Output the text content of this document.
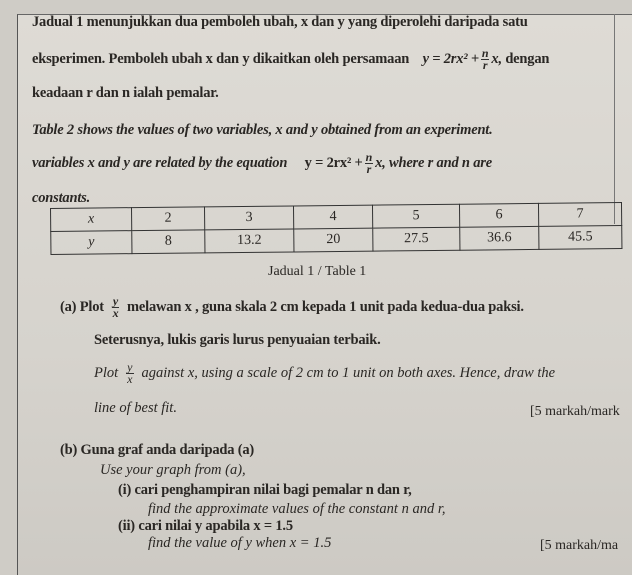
Jadual 1 menunjukkan dua pemboleh ubah, x dan y yang diperolehi daripada satu
eksperimen. Pemboleh ubah x dan y dikaitkan oleh persamaan $y = 2rx^2 + \frac{n}{r} x$, dengan
keadaan r dan n ialah pemalar.
Table 2 shows the values of two variables, x and y obtained from an experiment.
variables x and y are related by the equation $y = 2rx^2 + \frac{n}{r} x$, where r and n are
constants.
x	2	3	4	5	6	7
y	8	13.2	20	27.5	36.6	45.5
Jadual 1 / Table 1
(a) Plot $\frac{y}{x}$ melawan x , guna skala 2 cm kepada 1 unit pada kedua-dua paksi.
Seterusnya, lukis garis lurus penyuaian terbaik.
Plot $\frac{y}{x}$ against x, using a scale of 2 cm to 1 unit on both axes. Hence, draw the
line of best fit.	[5 markah/mark
(b) Guna graf anda daripada (a)
Use your graph from (a),
(i) cari penghampiran nilai bagi pemalar n dan r,
find the approximate values of the constant n and r,
(ii) cari nilai y apabila x = 1.5
find the value of y when x = 1.5	[5 markah/ma
